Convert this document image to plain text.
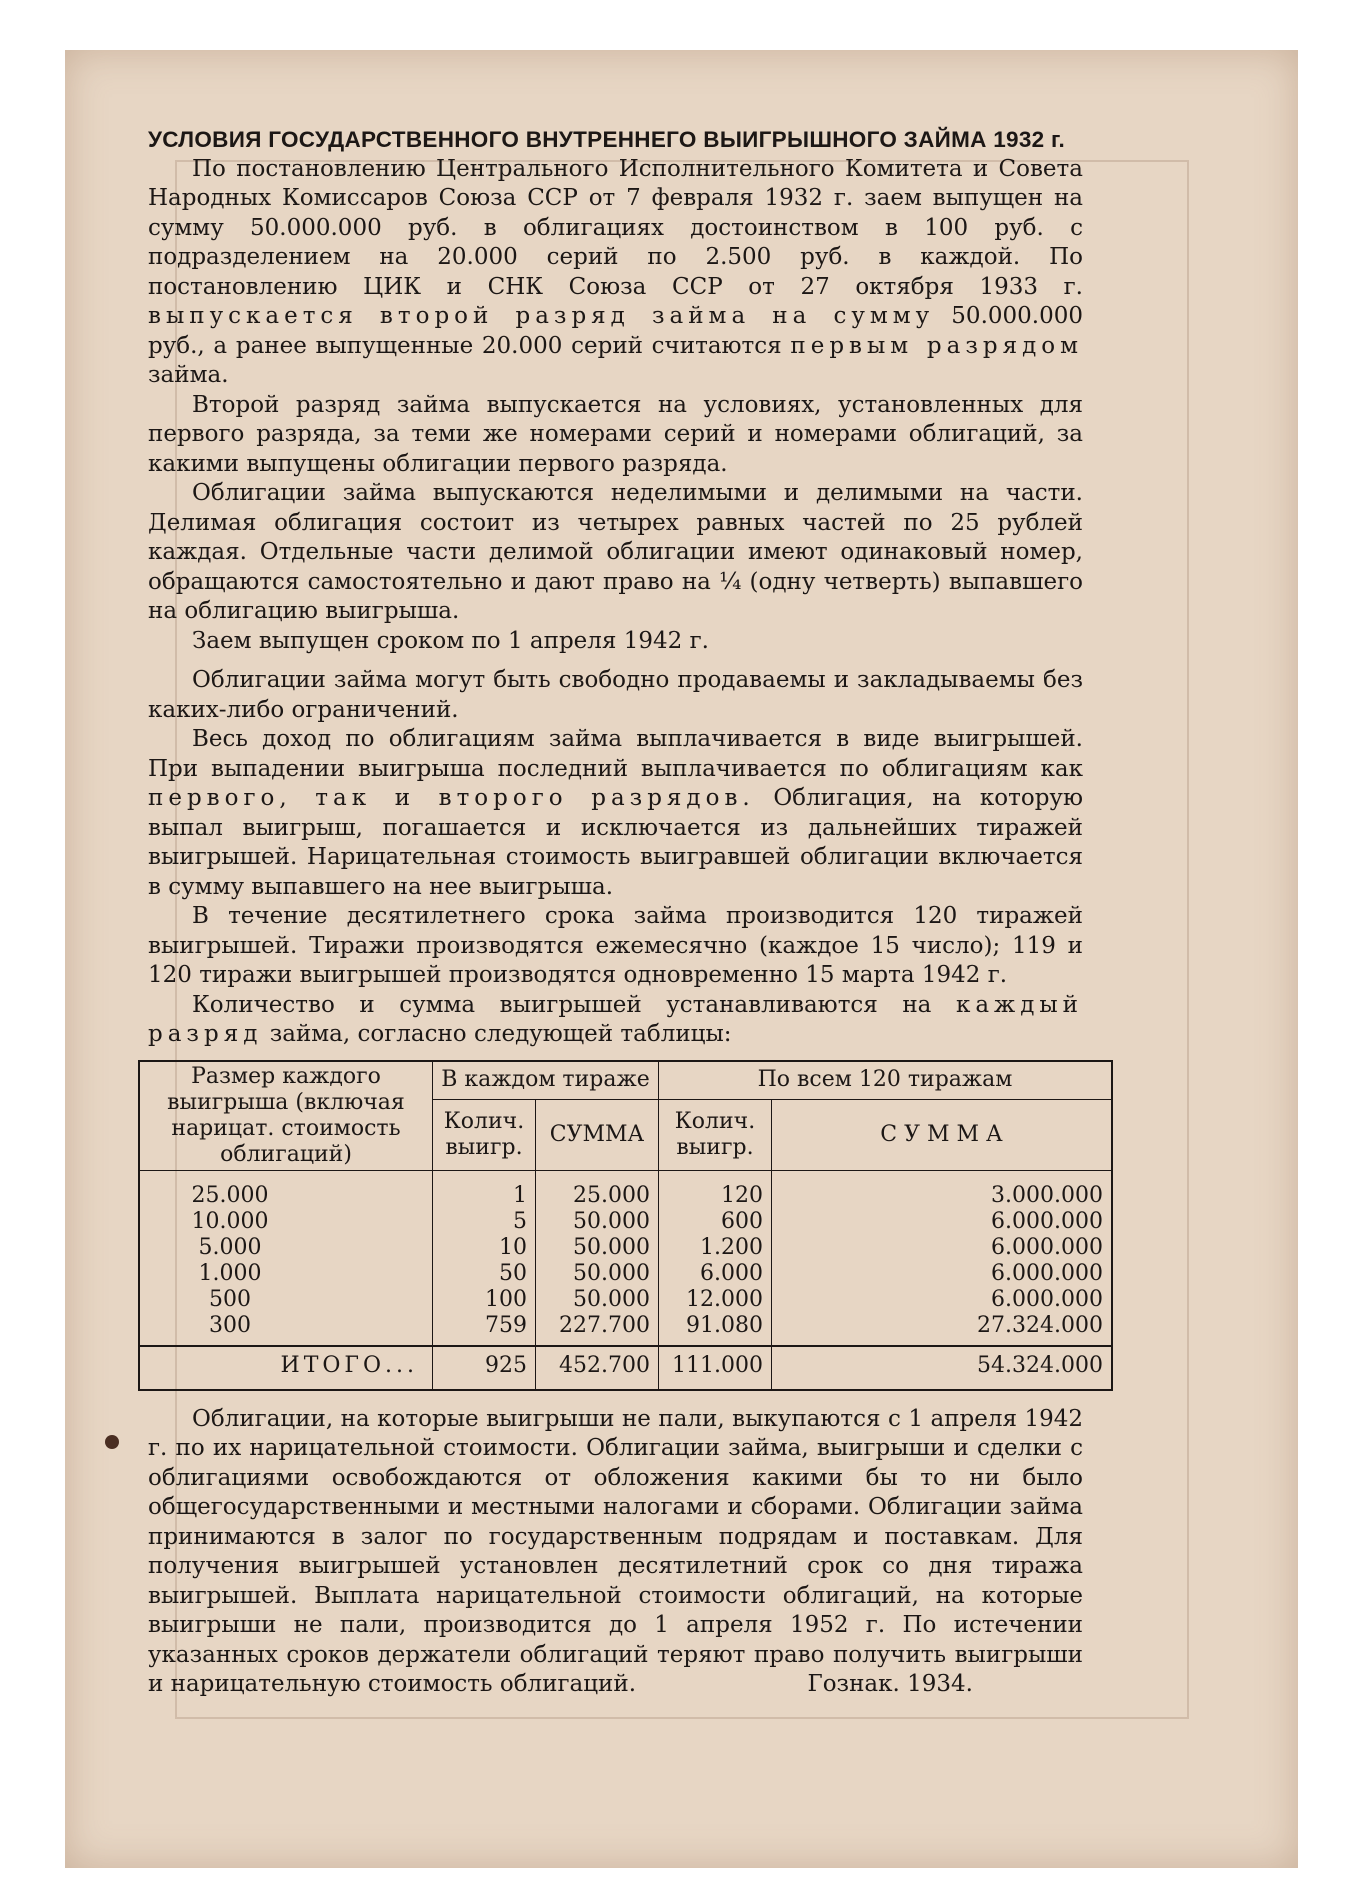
УСЛОВИЯ ГОСУДАРСТВЕННОГО ВНУТРЕННЕГО ВЫИГРЫШНОГО ЗАЙМА 1932 г.

По постановлению Центрального Исполнительного Комитета и Совета Народных Комиссаров Союза ССР от 7 февраля 1932 г. заем выпущен на сумму 50.000.000 руб. в облигациях достоинством в 100 руб. с подразделением на 20.000 серий по 2.500 руб. в каждой. По постановлению ЦИК и СНК Союза ССР от 27 октября 1933 г. выпускается второй разряд займа на сумму 50.000.000 руб., а ранее выпущенные 20.000 серий считаются первым разрядом займа.

Второй разряд займа выпускается на условиях, установленных для первого разряда, за теми же номерами серий и номерами облигаций, за какими выпущены облигации первого разряда.

Облигации займа выпускаются неделимыми и делимыми на части. Делимая облигация состоит из четырех равных частей по 25 рублей каждая. Отдельные части делимой облигации имеют одинаковый номер, обращаются самостоятельно и дают право на ¼ (одну четверть) выпавшего на облигацию выигрыша.

Заем выпущен сроком по 1 апреля 1942 г.

Облигации займа могут быть свободно продаваемы и закладываемы без каких-либо ограничений.

Весь доход по облигациям займа выплачивается в виде выигрышей. При выпадении выигрыша последний выплачивается по облигациям как первого, так и второго разрядов. Облигация, на которую выпал выигрыш, погашается и исключается из дальнейших тиражей выигрышей. Нарицательная стоимость выигравшей облигации включается в сумму выпавшего на нее выигрыша.

В течение десятилетнего срока займа производится 120 тиражей выигрышей. Тиражи производятся ежемесячно (каждое 15 число); 119 и 120 тиражи выигрышей производятся одновременно 15 марта 1942 г.

Количество и сумма выигрышей устанавливаются на каждый разряд займа, согласно следующей таблицы:

Размер каждого выигрыша (включая нарицат. стоимость облигаций)	В каждом тираже		По всем 120 тиражам	
	Колич. выигр.	СУММА	Колич. выигр.	С У М М А
25.000	1	25.000	120	3.000.000
10.000	5	50.000	600	6.000.000
5.000	10	50.000	1.200	6.000.000
1.000	50	50.000	6.000	6.000.000
500	100	50.000	12.000	6.000.000
300	759	227.700	91.080	27.324.000
ИТОГО...	925	452.700	111.000	54.324.000

Облигации, на которые выигрыши не пали, выкупаются с 1 апреля 1942 г. по их нарицательной стоимости. Облигации займа, выигрыши и сделки с облигациями освобождаются от обложения какими бы то ни было общегосударственными и местными налогами и сборами. Облигации займа принимаются в залог по государственным подрядам и поставкам. Для получения выигрышей установлен десятилетний срок со дня тиража выигрышей. Выплата нарицательной стоимости облигаций, на которые выигрыши не пали, производится до 1 апреля 1952 г. По истечении указанных сроков держатели облигаций теряют право получить выигрыши и нарицательную стоимость облигаций.	Гознак. 1934.
